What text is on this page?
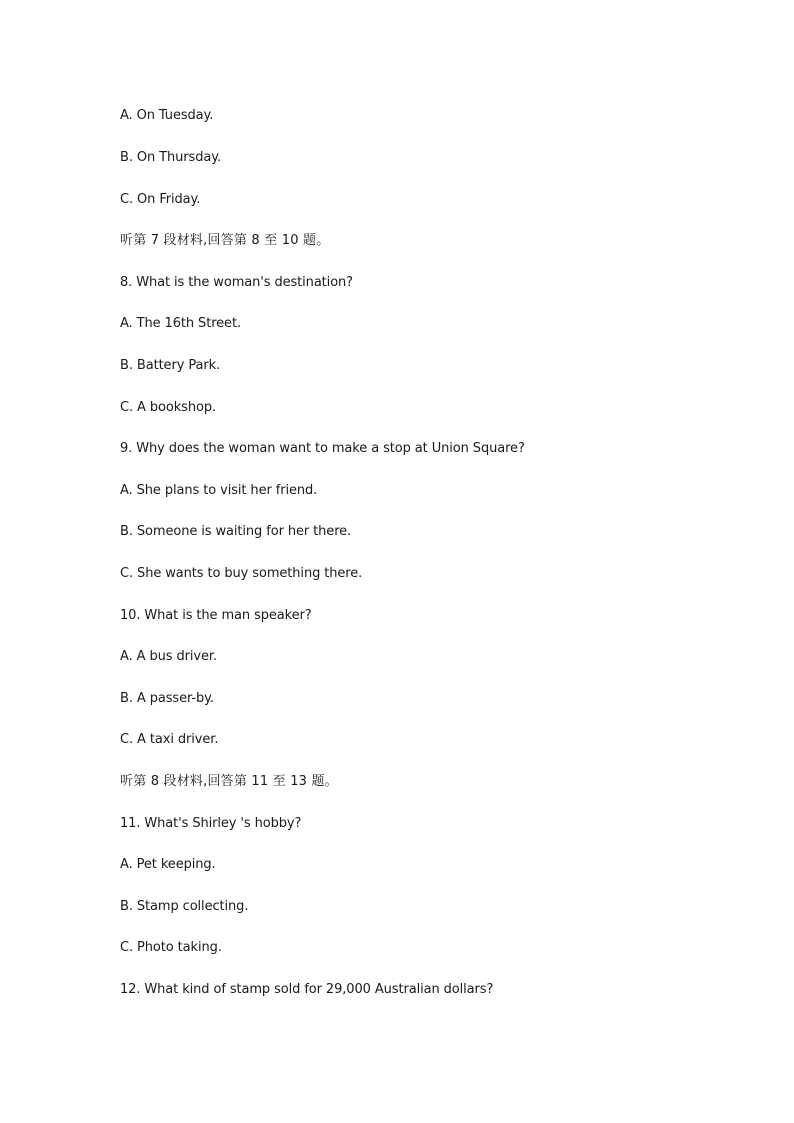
A. On Tuesday.
B. On Thursday.
C. On Friday.
听第 7 段材料,回答第 8 至 10 题。
8. What is the woman's destination?
A. The 16th Street.
B. Battery Park.
C. A bookshop.
9. Why does the woman want to make a stop at Union Square?
A. She plans to visit her friend.
B. Someone is waiting for her there.
C. She wants to buy something there.
10. What is the man speaker?
A. A bus driver.
B. A passer-by.
C. A taxi driver.
听第 8 段材料,回答第 11 至 13 题。
11. What's Shirley 's hobby?
A. Pet keeping.
B. Stamp collecting.
C. Photo taking.
12. What kind of stamp sold for 29,000 Australian dollars?
